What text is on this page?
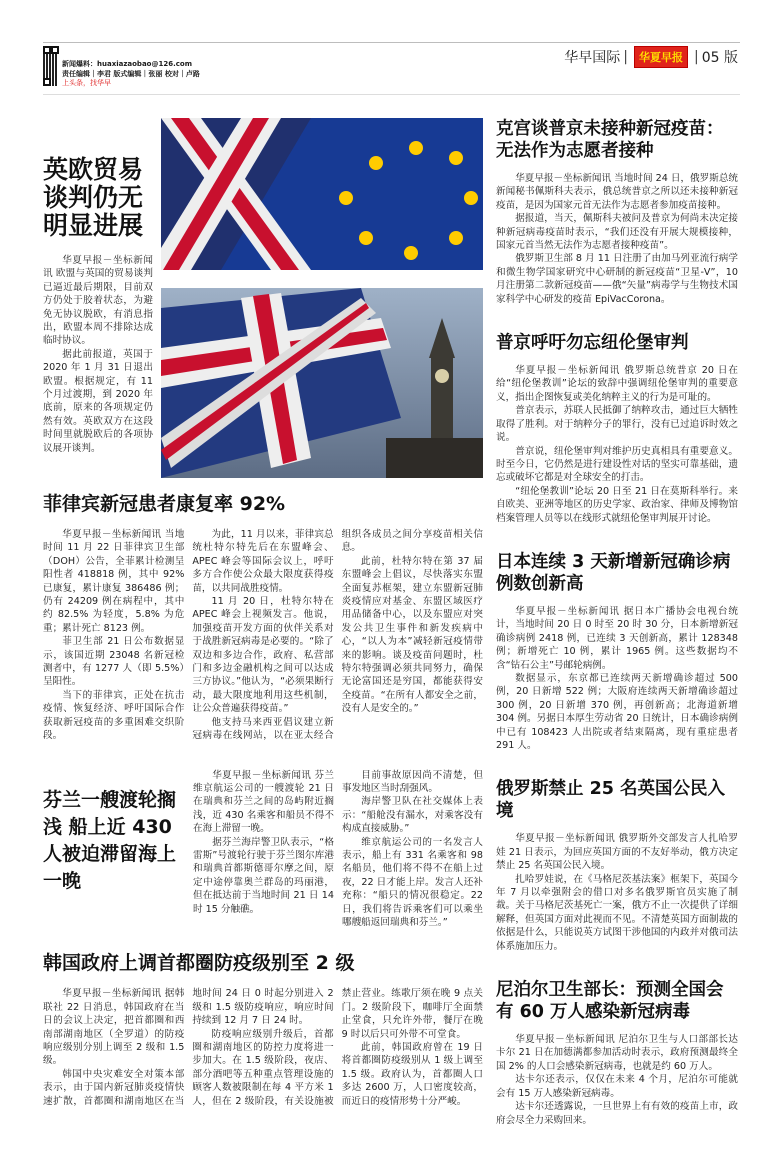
新闻爆料：huaxiazaobao@126.com
责任编辑｜李君 版式编辑｜张丽 校对｜卢路
上头条，找华早
华早国际 |	华夏早报 | 05 版
英欧贸易谈判仍无明显进展

华夏早报－坐标新闻讯 欧盟与英国的贸易谈判已逼近最后期限，目前双方仍处于胶着状态，为避免无协议脱欧，有消息指出，欧盟本周不排除达成临时协议。

据此前报道，英国于 2020 年 1 月 31 日退出欧盟。根据规定，有 11 个月过渡期，到 2020 年底前，原来的各项规定仍然有效。英欧双方在这段时间里就脱欧后的各项协议展开谈判。

菲律宾新冠患者康复率 92%

华夏早报－坐标新闻讯 当地时间 11 月 22 日菲律宾卫生部（DOH）公告，全菲累计检测呈阳性者 418818 例，其中 92% 已康复，累计康复 386486 例；仍有 24209 例在病程中，其中约 82.5% 为轻度，5.8% 为危重；累计死亡 8123 例。

菲卫生部 21 日公布数据显示，该国近期 23048 名新冠检测者中，有 1277 人（即 5.5%）呈阳性。

当下的菲律宾，正处在抗击疫情、恢复经济、呼吁国际合作获取新冠疫苗的多重困难交织阶段。

为此，11 月以来，菲律宾总统杜特尔特先后在东盟峰会、APEC 峰会等国际会议上，呼吁多方合作使公众最大限度获得疫苗，以共同战胜疫情。

11 月 20 日，杜特尔特在 APEC 峰会上视频发言。他说，加强疫苗开发方面的伙伴关系对于战胜新冠病毒是必要的。“除了双边和多边合作，政府、私营部门和多边金融机构之间可以达成三方协议。”他认为，“必须果断行动，最大限度地利用这些机制，让公众普遍获得疫苗。”

他支持马来西亚倡议建立新冠病毒在线网站，以在亚太经合组织各成员之间分享疫苗相关信息。

此前，杜特尔特在第 37 届东盟峰会上倡议，尽快落实东盟全面复苏框架，建立东盟新冠肺炎疫情应对基金、东盟区域医疗用品储备中心，以及东盟应对突发公共卫生事件和新发疾病中心，“以人为本”减轻新冠疫情带来的影响。谈及疫苗问题时，杜特尔特强调必须共同努力，确保无论富国还是穷国，都能获得安全疫苗。“在所有人都安全之前，没有人是安全的。”

芬兰一艘渡轮搁浅 船上近 430 人被迫滞留海上一晚

华夏早报－坐标新闻讯 芬兰维京航运公司的一艘渡轮 21 日在瑞典和芬兰之间的岛屿附近搁浅，近 430 名乘客和船员不得不在海上滞留一晚。

据芬兰海岸警卫队表示，“格雷斯”号渡轮行驶于芬兰图尔库港和瑞典首都斯德哥尔摩之间，原定中途停靠奥兰群岛的玛丽港，但在抵达前于当地时间 21 日 14 时 15 分触礁。

目前事故原因尚不清楚，但事发地区当时刮强风。

海岸警卫队在社交媒体上表示：“船舱没有漏水，对乘客没有构成直接威胁。”

维京航运公司的一名发言人表示，船上有 331 名乘客和 98 名船员，他们将不得不在船上过夜，22 日才能上岸。发言人还补充称：“船只的情况很稳定。22 日，我们将告诉乘客们可以乘坐哪艘船返回瑞典和芬兰。”

韩国政府上调首都圈防疫级别至 2 级

华夏早报－坐标新闻讯 据韩联社 22 日消息，韩国政府在当日的会议上决定，把首都圈和西南部湖南地区（全罗道）的防疫响应级别分别上调至 2 级和 1.5 级。

韩国中央灾难安全对策本部表示，由于国内新冠肺炎疫情快速扩散，首都圈和湖南地区在当地时间 24 日 0 时起分别进入 2 级和 1.5 级防疫响应，响应时间持续到 12 月 7 日 24 时。

防疫响应级别升级后，首都圈和湖南地区的防控力度将进一步加大。在 1.5 级阶段，夜店、部分酒吧等五种重点管理设施的顾客人数被限制在每 4 平方米 1 人，但在 2 级阶段，有关设施被禁止营业。练歌厅须在晚 9 点关门。2 级阶段下，咖啡厅全面禁止堂食，只允许外带，餐厅在晚 9 时以后只可外带不可堂食。

此前，韩国政府曾在 19 日将首都圈防疫级别从 1 级上调至 1.5 级。政府认为，首都圈人口多达 2600 万，人口密度较高，而近日的疫情形势十分严峻。

克宫谈普京未接种新冠疫苗：无法作为志愿者接种

华夏早报－坐标新闻讯 当地时间 24 日，俄罗斯总统新闻秘书佩斯科夫表示，俄总统普京之所以还未接种新冠疫苗，是因为国家元首无法作为志愿者参加疫苗接种。

据报道，当天，佩斯科夫被问及普京为何尚未决定接种新冠病毒疫苗时表示，“我们还没有开展大规模接种，国家元首当然无法作为志愿者接种疫苗”。

俄罗斯卫生部 8 月 11 日注册了由加马列亚流行病学和微生物学国家研究中心研制的新冠疫苗“卫星-V”，10 月注册第二款新冠疫苗——俄“矢量”病毒学与生物技术国家科学中心研发的疫苗 EpiVacCorona。

普京呼吁勿忘纽伦堡审判

华夏早报－坐标新闻讯 俄罗斯总统普京 20 日在给“纽伦堡教训”论坛的致辞中强调纽伦堡审判的重要意义，指出企图恢复或美化纳粹主义的行为是可耻的。

普京表示，苏联人民抵御了纳粹攻击，通过巨大牺牲取得了胜利。对于纳粹分子的罪行，没有已过追诉时效之说。

普京说，纽伦堡审判对维护历史真相具有重要意义。时至今日，它仍然是进行建设性对话的坚实可靠基础，遗忘或破坏它都是对全球安全的打击。

“纽伦堡教训”论坛 20 日至 21 日在莫斯科举行。来自欧美、亚洲等地区的历史学家、政治家、律师及博物馆档案管理人员等以在线形式就纽伦堡审判展开讨论。

日本连续 3 天新增新冠确诊病例数创新高

华夏早报－坐标新闻讯 据日本广播协会电视台统计，当地时间 20 日 0 时至 20 时 30 分，日本新增新冠确诊病例 2418 例，已连续 3 天创新高，累计 128348 例；新增死亡 10 例，累计 1965 例。这些数据均不含“钻石公主”号邮轮病例。

数据显示，东京都已连续两天新增确诊超过 500 例，20 日新增 522 例；大阪府连续两天新增确诊超过 300 例，20 日新增 370 例，再创新高；北海道新增 304 例。另据日本厚生劳动省 20 日统计，日本确诊病例中已有 108423 人出院或者结束隔离，现有重症患者 291 人。

俄罗斯禁止 25 名英国公民入境

华夏早报－坐标新闻讯 俄罗斯外交部发言人扎哈罗娃 21 日表示，为回应英国方面的不友好举动，俄方决定禁止 25 名英国公民入境。

扎哈罗娃说，在《马格尼茨基法案》框架下，英国今年 7 月以牵强附会的借口对多名俄罗斯官员实施了制裁。关于马格尼茨基死亡一案，俄方不止一次提供了详细解释，但英国方面对此视而不见。不清楚英国方面制裁的依据是什么，只能说英方试图干涉他国的内政并对俄司法体系施加压力。

尼泊尔卫生部长：预测全国会有 60 万人感染新冠病毒

华夏早报－坐标新闻讯 尼泊尔卫生与人口部部长达卡尔 21 日在加德满都参加活动时表示，政府预测最终全国 2% 的人口会感染新冠病毒，也就是约 60 万人。

达卡尔还表示，仅仅在未来 4 个月，尼泊尔可能就会有 15 万人感染新冠病毒。

达卡尔还透露说，一旦世界上有有效的疫苗上市，政府会尽全力采购回来。
